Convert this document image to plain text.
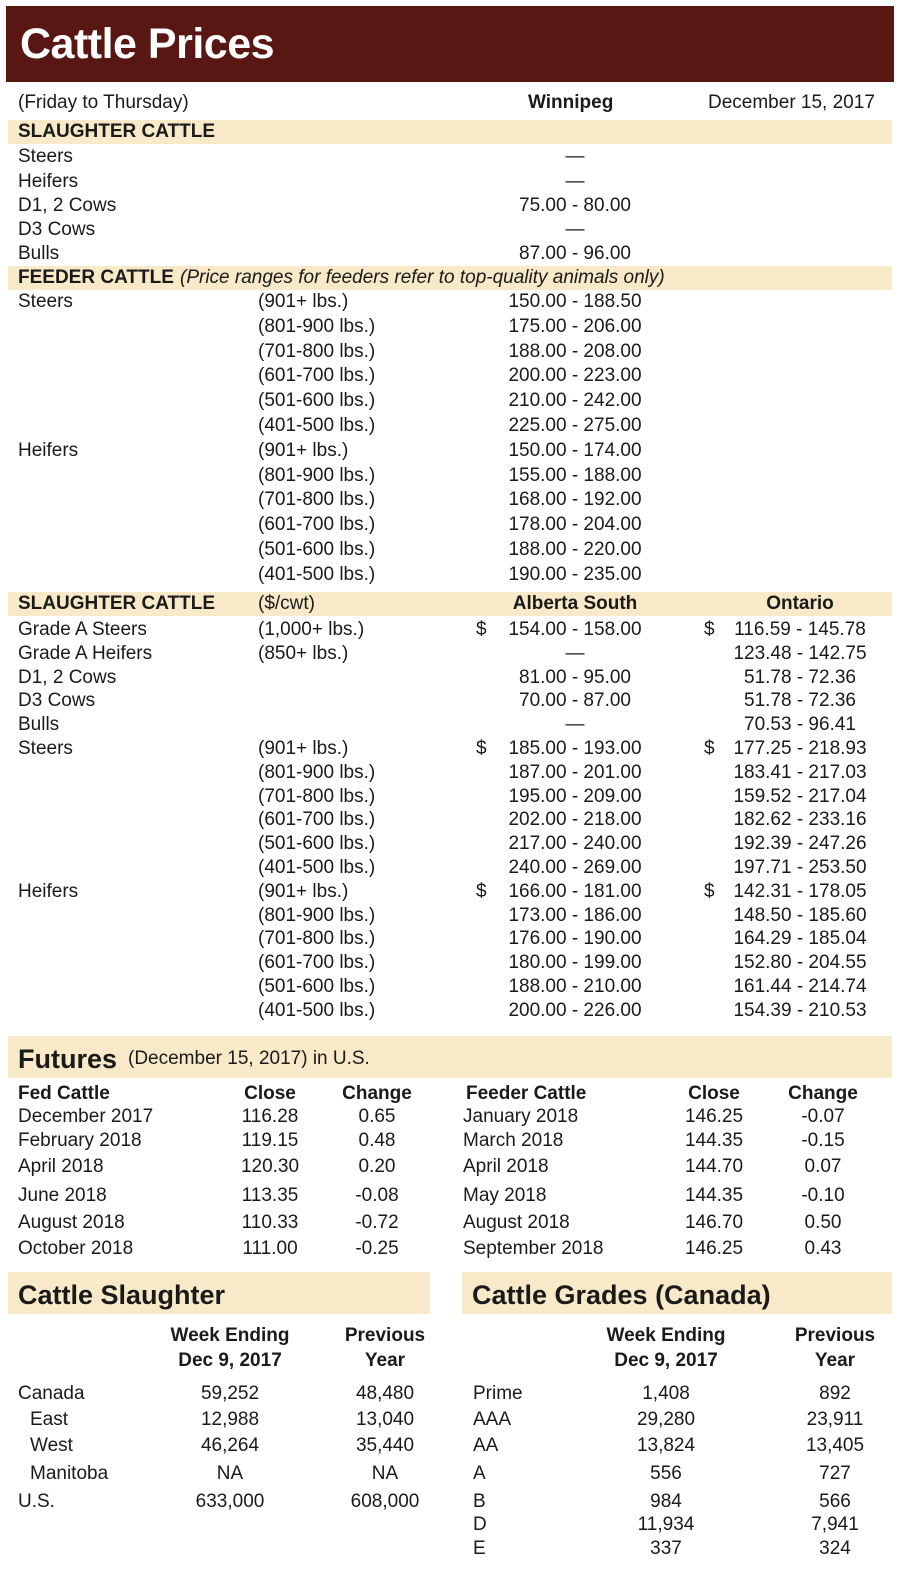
Cattle Prices
(Friday to Thursday)	Winnipeg	December 15, 2017
SLAUGHTER CATTLE
Steers	—
Heifers	—
D1, 2 Cows	75.00 - 80.00
D3 Cows	—
Bulls	87.00 - 96.00
FEEDER CATTLE (Price ranges for feeders refer to top-quality animals only)
Steers	(901+ lbs.)	150.00 - 188.50
(801-900 lbs.)	175.00 - 206.00
(701-800 lbs.)	188.00 - 208.00
(601-700 lbs.)	200.00 - 223.00
(501-600 lbs.)	210.00 - 242.00
(401-500 lbs.)	225.00 - 275.00
Heifers	(901+ lbs.)	150.00 - 174.00
(801-900 lbs.)	155.00 - 188.00
(701-800 lbs.)	168.00 - 192.00
(601-700 lbs.)	178.00 - 204.00
(501-600 lbs.)	188.00 - 220.00
(401-500 lbs.)	190.00 - 235.00
SLAUGHTER CATTLE ($/cwt)	Alberta South	Ontario
Grade A Steers	(1,000+ lbs.)	$	154.00 - 158.00	$	116.59 - 145.78
Grade A Heifers	(850+ lbs.)	—	123.48 - 142.75
D1, 2 Cows	81.00 - 95.00	51.78 - 72.36
D3 Cows	70.00 - 87.00	51.78 - 72.36
Bulls	—	70.53 - 96.41
Steers	(901+ lbs.)	$	185.00 - 193.00	$ 177.25 - 218.93
(801-900 lbs.)	187.00 - 201.00	183.41 - 217.03
(701-800 lbs.)	195.00 - 209.00	159.52 - 217.04
(601-700 lbs.)	202.00 - 218.00	182.62 - 233.16
(501-600 lbs.)	217.00 - 240.00	192.39 - 247.26
(401-500 lbs.)	240.00 - 269.00	197.71 - 253.50
Heifers	(901+ lbs.)	$	166.00 - 181.00	$ 142.31 - 178.05
(801-900 lbs.)	173.00 - 186.00	148.50 - 185.60
(701-800 lbs.)	176.00 - 190.00	164.29 - 185.04
(601-700 lbs.)	180.00 - 199.00	152.80 - 204.55
(501-600 lbs.)	188.00 - 210.00	161.44 - 214.74
(401-500 lbs.)	200.00 - 226.00	154.39 - 210.53
Futures (December 15, 2017) in U.S.
Fed Cattle	Close	Change	Feeder Cattle	Close	Change
December 2017	116.28	0.65	January 2018	146.25	-0.07
February 2018	119.15	0.48	March 2018	144.35	-0.15
April 2018	120.30	0.20	April 2018	144.70	0.07
June 2018	113.35	-0.08	May 2018	144.35	-0.10
August 2018	110.33	-0.72	August 2018	146.70	0.50
October 2018	111.00	-0.25	September 2018	146.25	0.43
Cattle Slaughter
Week Ending	Previous
Dec 9, 2017	Year
Canada	59,252	48,480
East	12,988	13,040
West	46,264	35,440
Manitoba	NA	NA
U.S.	633,000	608,000
Cattle Grades (Canada)
Week Ending	Previous
Dec 9, 2017	Year
Prime	1,408	892
AAA	29,280	23,911
AA	13,824	13,405
A	556	727
B	984	566
D	11,934	7,941
E	337	324
